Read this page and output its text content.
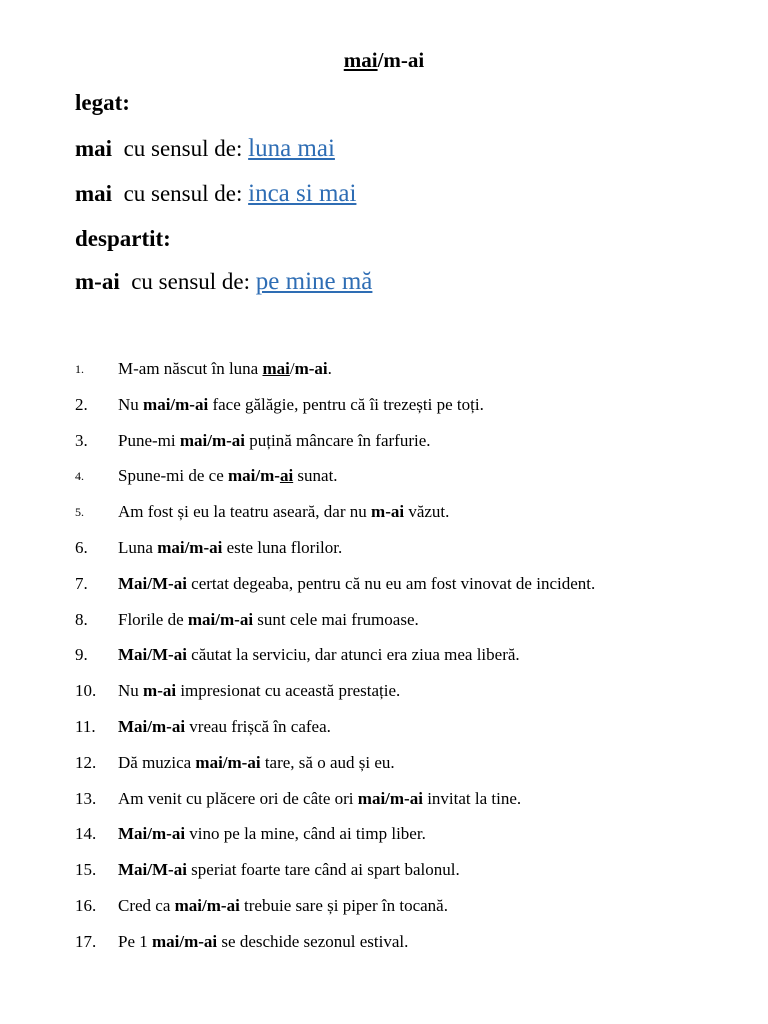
mai/m-ai
legat:
mai  cu sensul de: luna mai
mai  cu sensul de: inca si mai
despartit:
m-ai  cu sensul de: pe mine mă
1. M-am născut în luna mai/m-ai.
2. Nu mai/m-ai face gălăgie, pentru că îi trezești pe toți.
3. Pune-mi mai/m-ai puțină mâncare în farfurie.
4. Spune-mi de ce mai/m-ai sunat.
5. Am fost și eu la teatru aseară, dar nu m-ai văzut.
6. Luna mai/m-ai este luna florilor.
7. Mai/M-ai certat degeaba, pentru că nu eu am fost vinovat de incident.
8. Florile de mai/m-ai sunt cele mai frumoase.
9. Mai/M-ai căutat la serviciu, dar atunci era ziua mea liberă.
10. Nu m-ai impresionat cu această prestație.
11. Mai/m-ai vreau frișcă în cafea.
12. Dă muzica mai/m-ai tare, să o aud și eu.
13. Am venit cu plăcere ori de câte ori mai/m-ai invitat la tine.
14. Mai/m-ai vino pe la mine, când ai timp liber.
15. Mai/M-ai speriat foarte tare când ai spart balonul.
16. Cred ca mai/m-ai trebuie sare și piper în tocană.
17. Pe 1 mai/m-ai se deschide sezonul estival.
